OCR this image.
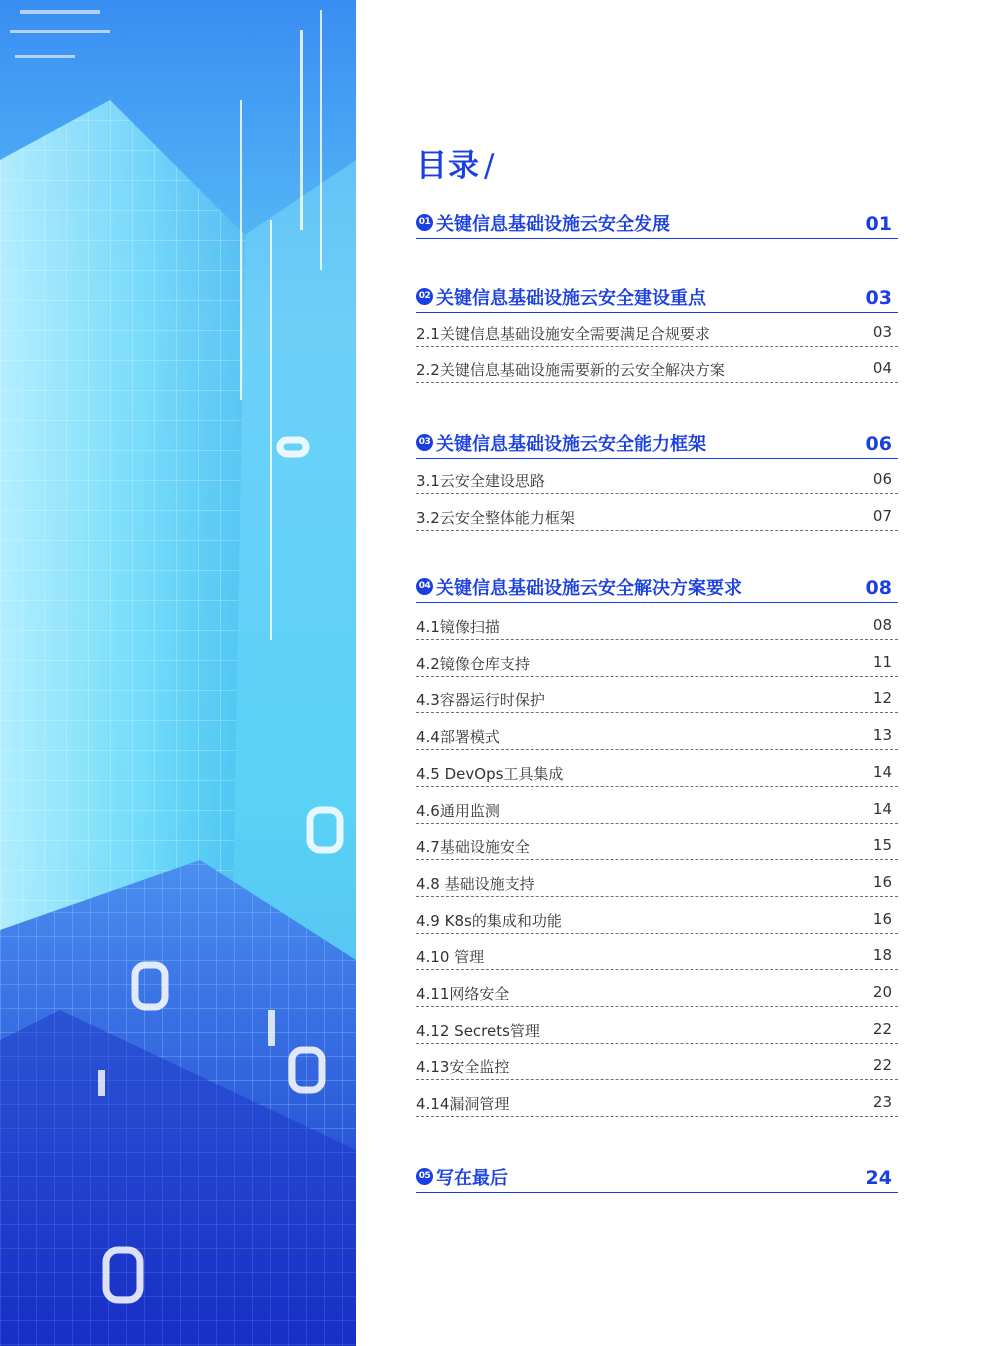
目录 /
01 关键信息基础设施云安全发展	01
02 关键信息基础设施云安全建设重点	03
2.1关键信息基础设施安全需要满足合规要求	03
2.2关键信息基础设施需要新的云安全解决方案	04
03 关键信息基础设施云安全能力框架	06
3.1云安全建设思路	06
3.2云安全整体能力框架	07
04 关键信息基础设施云安全解决方案要求	08
4.1镜像扫描	08
4.2镜像仓库支持	11
4.3容器运行时保护	12
4.4部署模式	13
4.5 DevOps工具集成	14
4.6通用监测	14
4.7基础设施安全	15
4.8 基础设施支持	16
4.9 K8s的集成和功能	16
4.10 管理	18
4.11网络安全	20
4.12 Secrets管理	22
4.13安全监控	22
4.14漏洞管理	23
05 写在最后	24
